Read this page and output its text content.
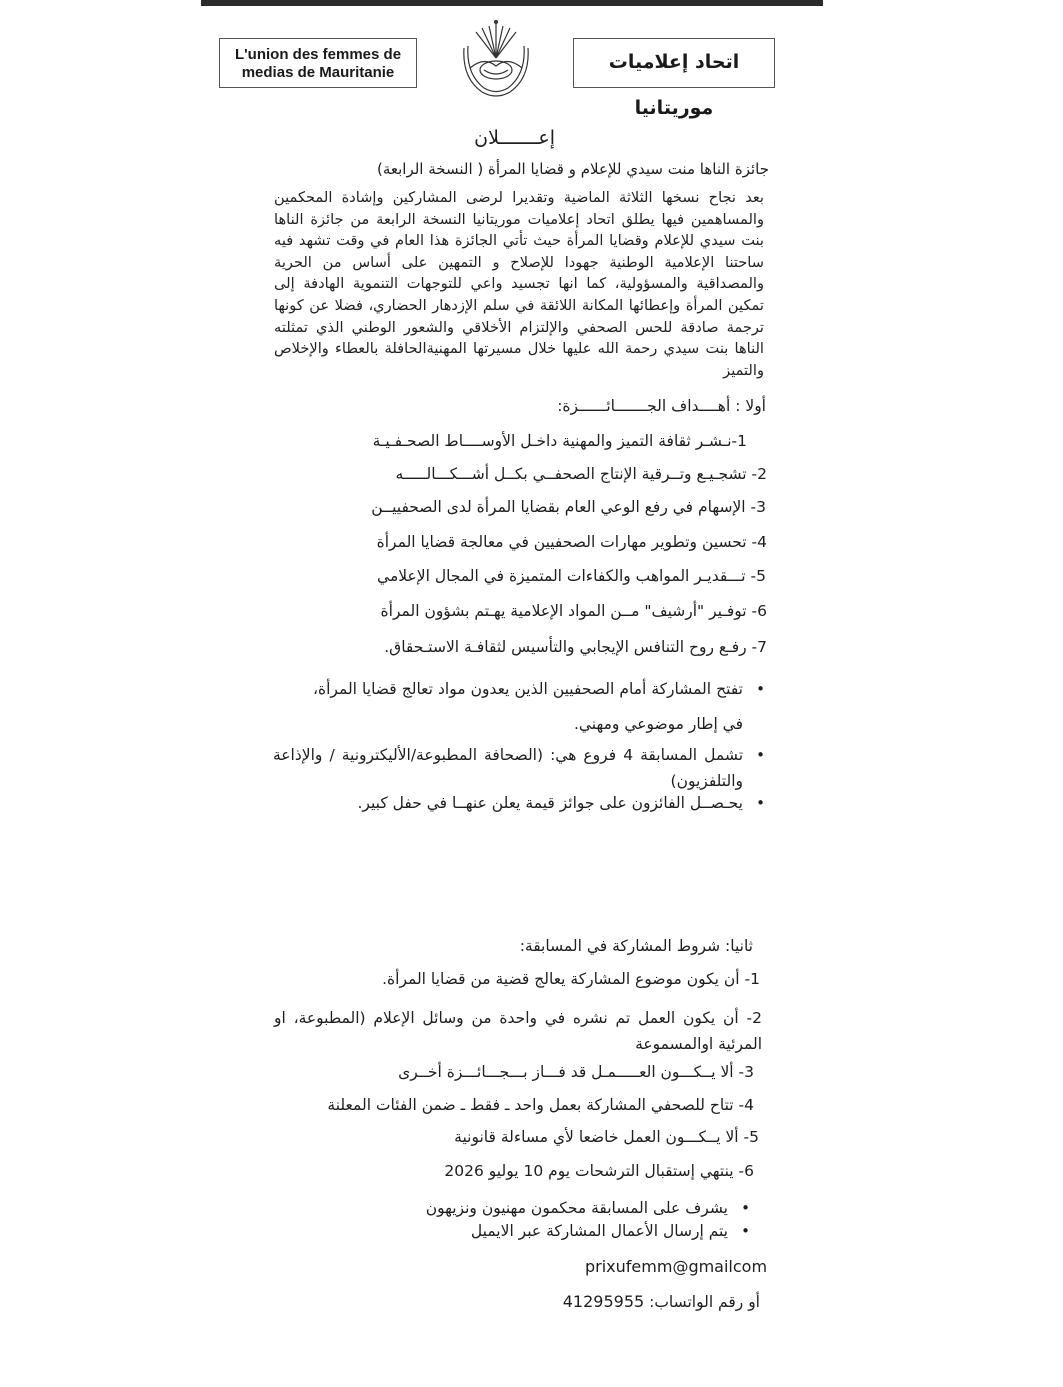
L'union des femmes de
medias de Mauritanie	اتحاد إعلاميات موريتانيا
إعـــــــلان
جائزة الناها منت سيدي للإعلام و قضايا المرأة ( النسخة الرابعة)
بعد نجاح نسخها الثلاثة الماضية وتقديرا لرضى المشاركين وإشادة المحكمين والمساهمين فيها يطلق اتحاد إعلاميات موريتانيا النسخة الرابعة من جائزة الناها بنت سيدي للإعلام وقضايا المرأة حيث تأتي الجائزة هذا العام في وقت تشهد فيه ساحتنا الإعلامية الوطنية جهودا للإصلاح و التمهين على أساس من الحرية والمصداقية والمسؤولية، كما انها تجسيد واعي للتوجهات التنموية الهادفة إلى تمكين المرأة وإعطائها المكانة اللائقة في سلم الإزدهار الحضاري، فضلا عن كونها ترجمة صادقة للحس الصحفي والإلتزام الأخلاقي والشعور الوطني الذي تمثلته الناها بنت سيدي رحمة الله عليها خلال مسيرتها المهنيةالحافلة بالعطاء والإخلاص والتميز
أولا : أهــــداف الجـــــــائــــــزة:
1-نـشـر ثقافة التميز والمهنية داخـل الأوســــاط الصحـفـيـة
2- تشجـيـع وتــرقية الإنتاج الصحفــي بكــل أشـــكـــالـــــه
3- الإسهام في رفع الوعي العام بقضايا المرأة لدى الصحفييــن
4- تحسين وتطوير مهارات الصحفيين في معالجة قضايا المرأة
5- تـــقديـر المواهب والكفاءات المتميزة في المجال الإعلامي
6- توفـير "أرشيف" مــن المواد الإعلامية يهـتم بشؤون المرأة
7- رفـع روح التنافس الإيجابي والتأسيس لثقافـة الاستـحقاق.
•
تفتح المشاركة أمام الصحفيين الذين يعدون مواد تعالج قضايا المرأة، في إطار موضوعي ومهني.
•
تشمل المسابقة 4 فروع هي: (الصحافة المطبوعة/الأليكترونية / والإذاعة والتلفزيون)
•
يحـصــل الفائزون على جوائز قيمة يعلن عنهــا في حفل كبير.
ثانيا: شروط المشاركة في المسابقة:
1- أن يكون موضوع المشاركة يعالج قضية من قضايا المرأة.
2- أن يكون العمل تم نشره في واحدة من وسائل الإعلام (المطبوعة، او المرئية اوالمسموعة
3- ألا يــكـــون العـــــمـل قد فـــاز بـــجـــائـــزة أخــرى
4- تتاح للصحفي المشاركة بعمل واحد ـ فقط ـ ضمن الفئات المعلنة
5- ألا يــكـــون العمل خاضعا لأي مساءلة قانونية
6- ينتهي إستقبال الترشحات يوم 10 يوليو 2026
•
يشرف على المسابقة محكمون مهنيون ونزيهون
•
يتم إرسال الأعمال المشاركة عبر الايميل
prixufemm@gmailcom
أو رقم الواتساب: 41295955
